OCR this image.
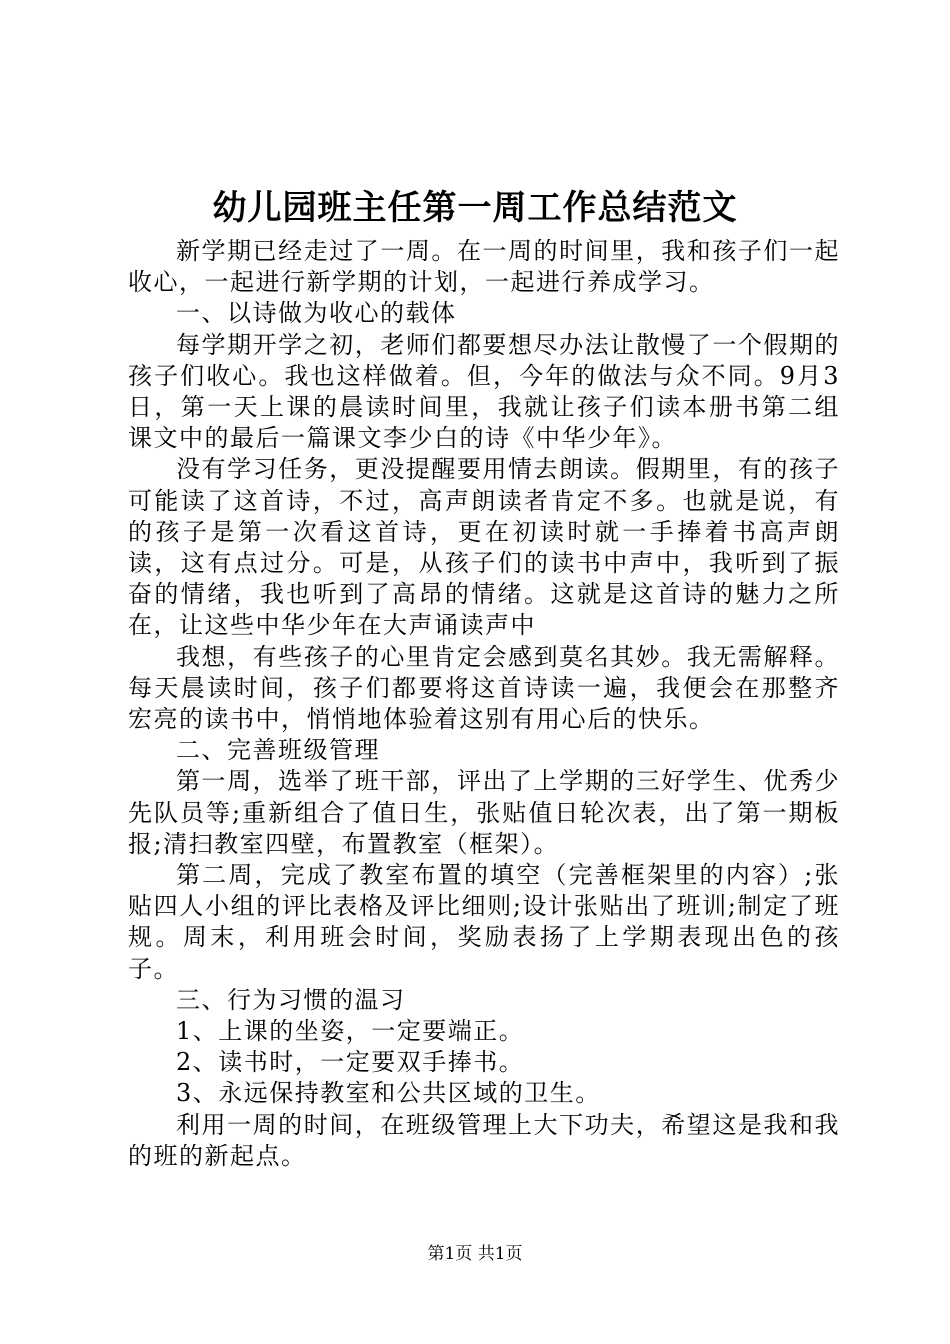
幼儿园班主任第一周工作总结范文

新学期已经走过了一周。在一周的时间里，我和孩子们一起收心，一起进行新学期的计划，一起进行养成学习。

一、以诗做为收心的载体

每学期开学之初，老师们都要想尽办法让散慢了一个假期的孩子们收心。我也这样做着。但，今年的做法与众不同。9月3日，第一天上课的晨读时间里，我就让孩子们读本册书第二组课文中的最后一篇课文李少白的诗《中华少年》。

没有学习任务，更没提醒要用情去朗读。假期里，有的孩子可能读了这首诗，不过，高声朗读者肯定不多。也就是说，有的孩子是第一次看这首诗，更在初读时就一手捧着书高声朗读，这有点过分。可是，从孩子们的读书中声中，我听到了振奋的情绪，我也听到了高昂的情绪。这就是这首诗的魅力之所在，让这些中华少年在大声诵读声中

我想，有些孩子的心里肯定会感到莫名其妙。我无需解释。每天晨读时间，孩子们都要将这首诗读一遍，我便会在那整齐宏亮的读书中，悄悄地体验着这别有用心后的快乐。

二、完善班级管理

第一周，选举了班干部，评出了上学期的三好学生、优秀少先队员等;重新组合了值日生，张贴值日轮次表，出了第一期板报;清扫教室四壁，布置教室（框架）。

第二周，完成了教室布置的填空（完善框架里的内容）;张贴四人小组的评比表格及评比细则;设计张贴出了班训;制定了班规。周末，利用班会时间，奖励表扬了上学期表现出色的孩子。

三、行为习惯的温习

1、上课的坐姿，一定要端正。

2、读书时，一定要双手捧书。

3、永远保持教室和公共区域的卫生。

利用一周的时间，在班级管理上大下功夫，希望这是我和我的班的新起点。

第1页 共1页
